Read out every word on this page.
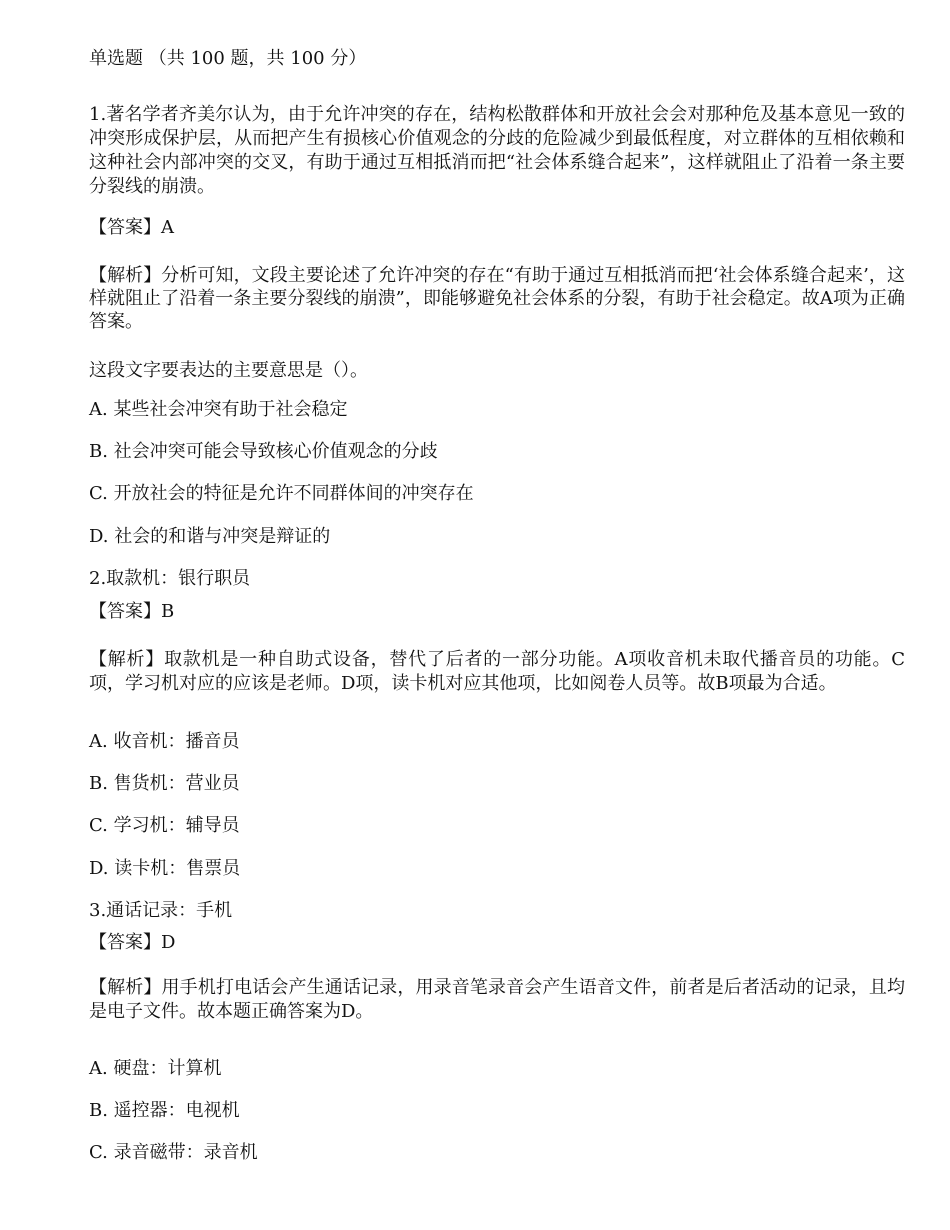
单选题 （共 100 题，共 100 分）
1.著名学者齐美尔认为，由于允许冲突的存在，结构松散群体和开放社会会对那种危及基本意见一致的冲突形成保护层，从而把产生有损核心价值观念的分歧的危险减少到最低程度，对立群体的互相依赖和这种社会内部冲突的交叉，有助于通过互相抵消而把“社会体系缝合起来”，这样就阻止了沿着一条主要分裂线的崩溃。
【答案】A
【解析】分析可知，文段主要论述了允许冲突的存在“有助于通过互相抵消而把‘社会体系缝合起来’，这样就阻止了沿着一条主要分裂线的崩溃”，即能够避免社会体系的分裂，有助于社会稳定。故A项为正确答案。
这段文字要表达的主要意思是（）。
A. 某些社会冲突有助于社会稳定
B. 社会冲突可能会导致核心价值观念的分歧
C. 开放社会的特征是允许不同群体间的冲突存在
D. 社会的和谐与冲突是辩证的
2.取款机：银行职员
【答案】B
【解析】取款机是一种自助式设备，替代了后者的一部分功能。A项收音机未取代播音员的功能。C项，学习机对应的应该是老师。D项，读卡机对应其他项，比如阅卷人员等。故B项最为合适。
A. 收音机：播音员
B. 售货机：营业员
C. 学习机：辅导员
D. 读卡机：售票员
3.通话记录：手机
【答案】D
【解析】用手机打电话会产生通话记录，用录音笔录音会产生语音文件，前者是后者活动的记录，且均是电子文件。故本题正确答案为D。
A. 硬盘：计算机
B. 遥控器：电视机
C. 录音磁带：录音机
